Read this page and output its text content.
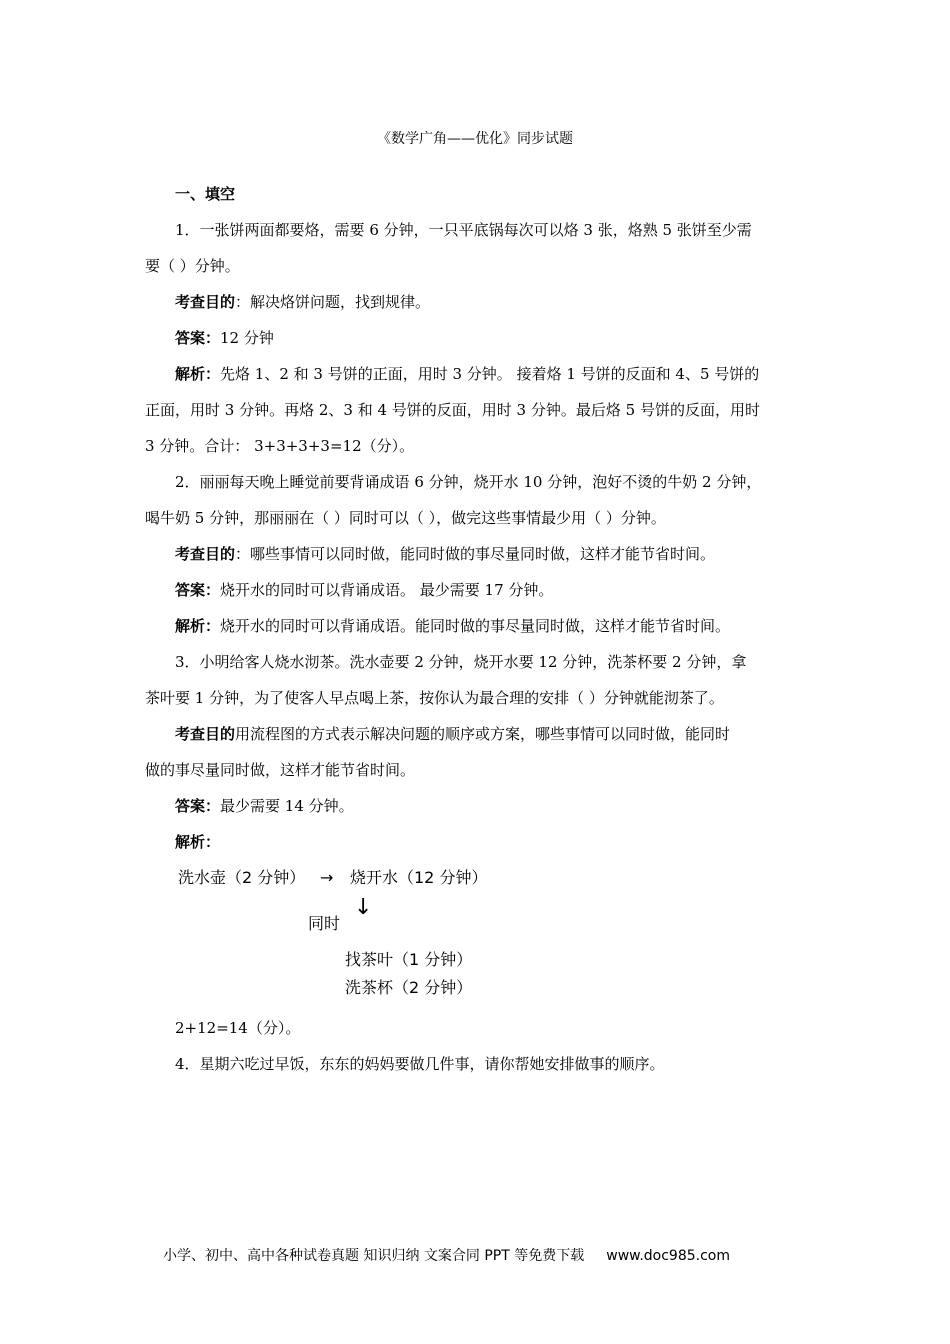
《数学广角——优化》同步试题
一、填空
1．一张饼两面都要烙，需要 6 分钟，一只平底锅每次可以烙 3 张，烙熟 5 张饼至少需
要（ ）分钟。
考查目的：解决烙饼问题，找到规律。
答案：12 分钟
解析：先烙 1、2 和 3 号饼的正面，用时 3 分钟。 接着烙 1 号饼的反面和 4、5 号饼的
正面，用时 3 分钟。再烙 2、3 和 4 号饼的反面，用时 3 分钟。最后烙 5 号饼的反面，用时
3 分钟。合计： 3+3+3+3=12（分）。
2．丽丽每天晚上睡觉前要背诵成语 6 分钟，烧开水 10 分钟，泡好不烫的牛奶 2 分钟，
喝牛奶 5 分钟，那丽丽在（ ）同时可以（ ），做完这些事情最少用（ ）分钟。
考查目的：哪些事情可以同时做，能同时做的事尽量同时做，这样才能节省时间。
答案：烧开水的同时可以背诵成语。 最少需要 17 分钟。
解析：烧开水的同时可以背诵成语。能同时做的事尽量同时做，这样才能节省时间。
3．小明给客人烧水沏茶。洗水壶要 2 分钟，烧开水要 12 分钟，洗茶杯要 2 分钟，拿
茶叶要 1 分钟，为了使客人早点喝上茶，按你认为最合理的安排（ ）分钟就能沏茶了。
考查目的用流程图的方式表示解决问题的顺序或方案，哪些事情可以同时做，能同时
做的事尽量同时做，这样才能节省时间。
答案：最少需要 14 分钟。
解析：
洗水壶（2 分钟） → 烧开水（12 分钟）
同时
↓
找茶叶（1 分钟）
洗茶杯（2 分钟）
2+12=14（分）。
4．星期六吃过早饭，东东的妈妈要做几件事，请你帮她安排做事的顺序。
小学、初中、高中各种试卷真题 知识归纳 文案合同 PPT 等免费下载 www.doc985.com
